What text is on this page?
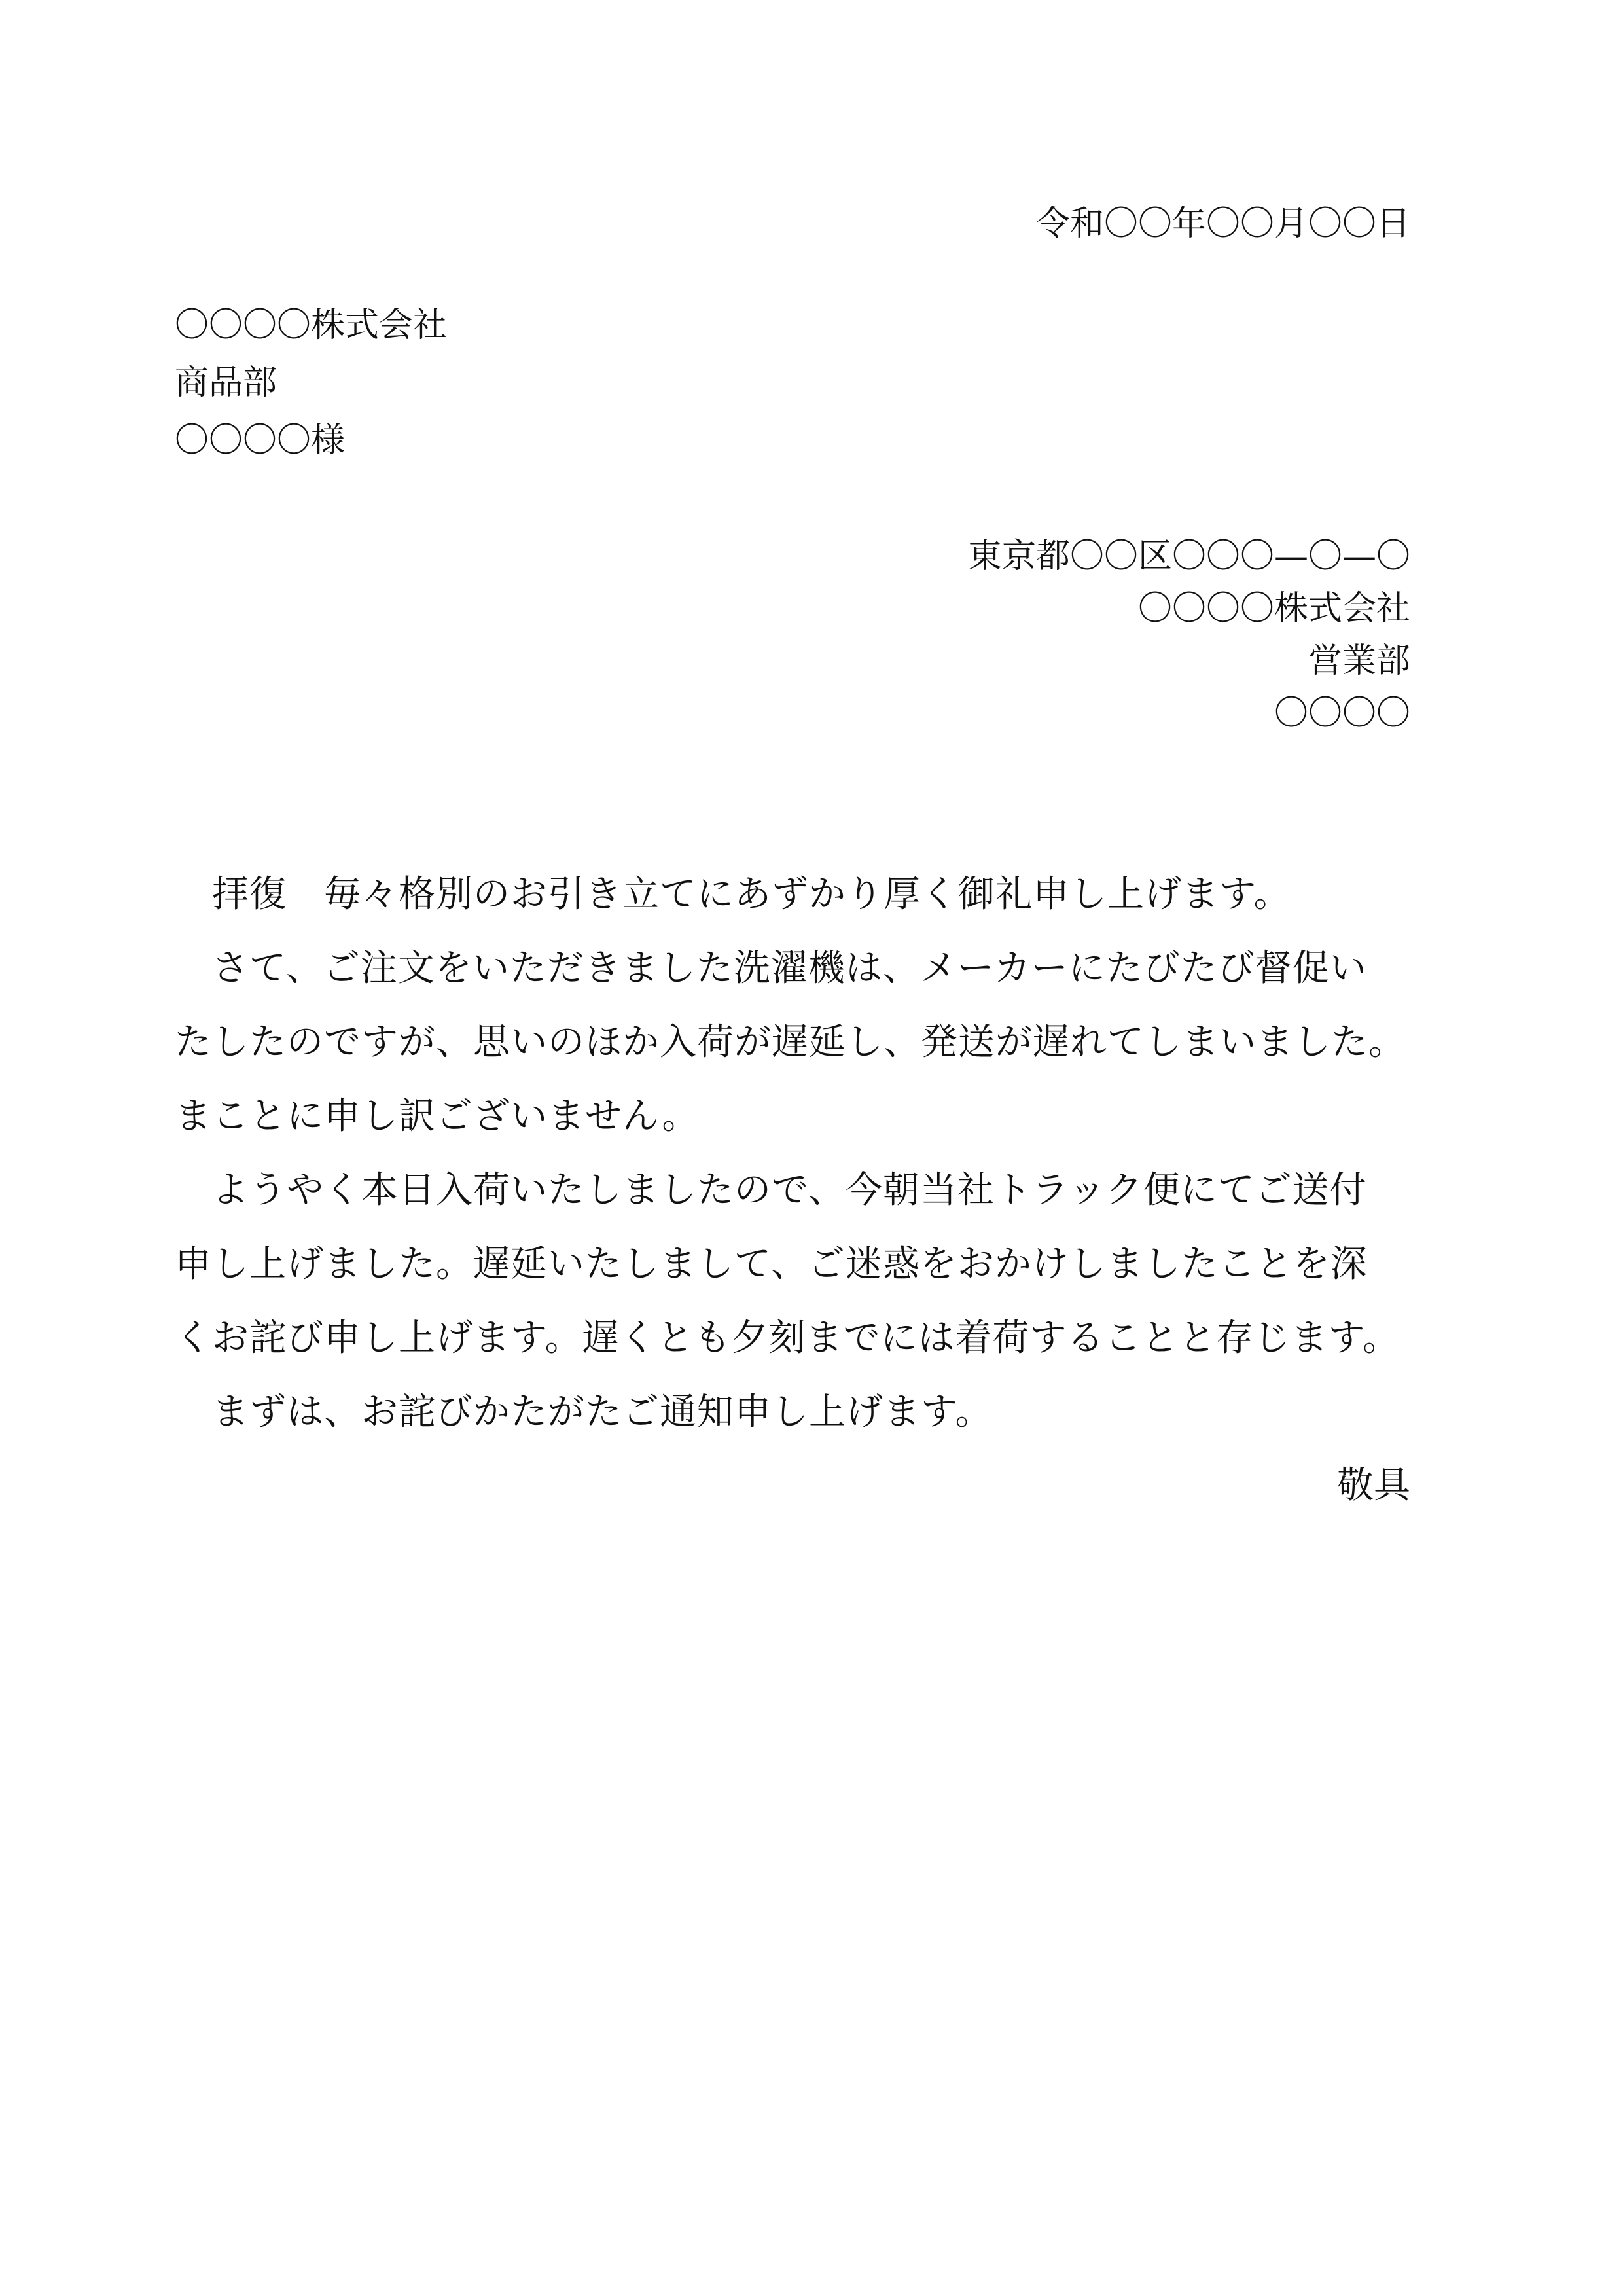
令和〇〇年〇〇月〇〇日
〇〇〇〇株式会社
商品部
〇〇〇〇様
東京都〇〇区〇〇〇—〇—〇
〇〇〇〇株式会社
営業部
〇〇〇〇
　拝復　毎々格別のお引き立てにあずかり厚く御礼申し上げます。
　さて、ご注文をいただきました洗濯機は、メーカーにたびたび督促い
たしたのですが、思いのほか入荷が遅延し、発送が遅れてしまいました。
まことに申し訳ございません。
　ようやく本日入荷いたしましたので、今朝当社トラック便にてご送付
申し上げました。遅延いたしまして、ご迷惑をおかけしましたことを深
くお詫び申し上げます。遅くとも夕刻までには着荷することと存じます。
　まずは、お詫びかたがたご通知申し上げます。
敬具
